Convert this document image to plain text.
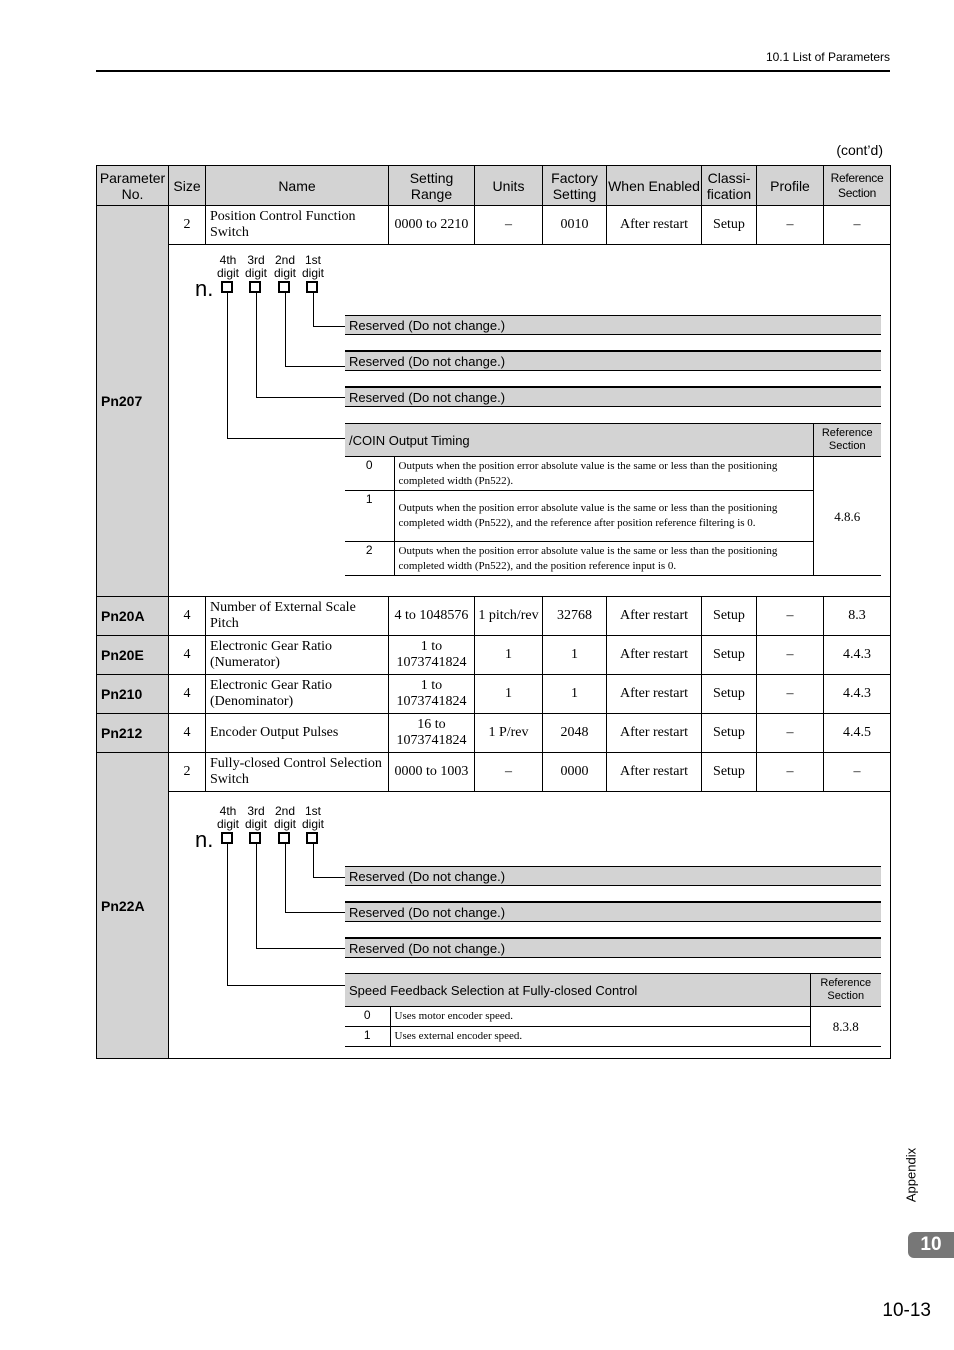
10.1 List of Parameters
(cont’d)
Parameter No.	Size	Name	Setting Range	Units	Factory Setting	When Enabled	Classi- fication	Profile	Reference Section
Pn207	2	Position Control Function Switch	0000 to 2210	–	0010	After restart	Setup	–	–

Pn20A	4	Number of External Scale Pitch	4 to 1048576	1 pitch/rev	32768	After restart	Setup	–	8.3
Pn20E	4	Electronic Gear Ratio (Numerator)	1 to 1073741824	1	1	After restart	Setup	–	4.4.3
Pn210	4	Electronic Gear Ratio (Denominator)	1 to 1073741824	1	1	After restart	Setup	–	4.4.3
Pn212	4	Encoder Output Pulses	16 to 1073741824	1 P/rev	2048	After restart	Setup	–	4.4.5
Pn22A	2	Fully-closed Control Selection Switch	0000 to 1003	–	0000	After restart	Setup	–	–

4th digit
3rd digit
2nd digit
1st digit
n.
Reserved (Do not change.)
Reserved (Do not change.)
Reserved (Do not change.)
/COIN Output Timing		Reference Section
0	Outputs when the position error absolute value is the same or less than the positioning completed width (Pn522).	4.8.6
1	Outputs when the position error absolute value is the same or less than the positioning completed width (Pn522), and the reference after position reference filtering is 0.	
2	Outputs when the position error absolute value is the same or less than the positioning completed width (Pn522), and the position reference input is 0.	
4th digit
3rd digit
2nd digit
1st digit
n.
Reserved (Do not change.)
Reserved (Do not change.)
Reserved (Do not change.)
Speed Feedback Selection at Fully-closed Control		Reference Section
0	Uses motor encoder speed.	8.3.8
1	Uses external encoder speed.	
Appendix
10
10-13
